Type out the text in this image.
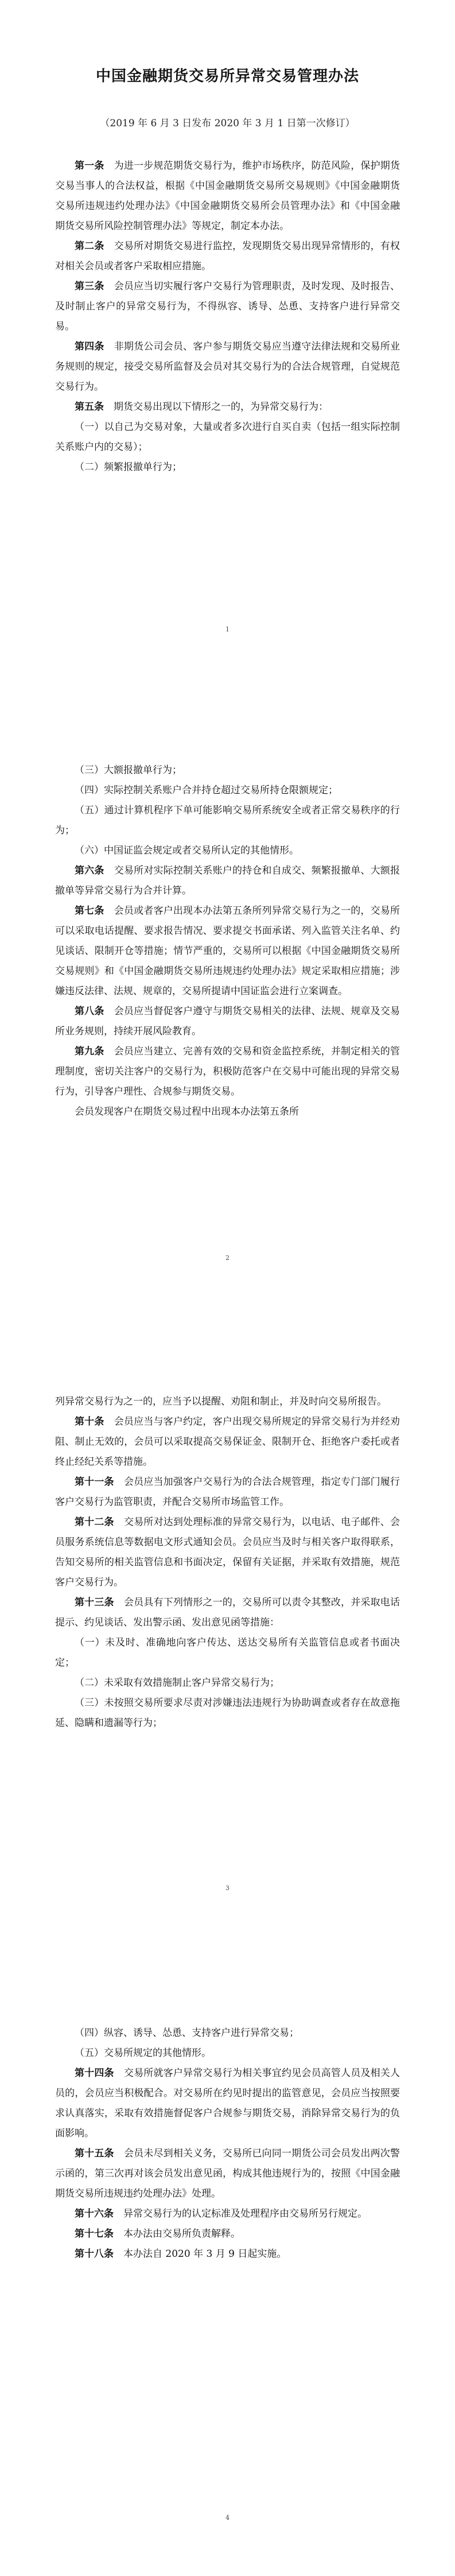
中国金融期货交易所异常交易管理办法
（2019 年 6 月 3 日发布 2020 年 3 月 1 日第一次修订）

第一条　 为进一步规范期货交易行为，维护市场秩序，防范风险，保护期货交易当事人的合法权益，根据《中国金融期货交易所交易规则》《中国金融期货交易所违规违约处理办法》《中国金融期货交易所会员管理办法》和《中国金融期货交易所风险控制管理办法》等规定，制定本办法。

第二条　 交易所对期货交易进行监控，发现期货交易出现异常情形的，有权对相关会员或者客户采取相应措施。

第三条　 会员应当切实履行客户交易行为管理职责，及时发现、及时报告、及时制止客户的异常交易行为，不得纵容、诱导、怂恿、支持客户进行异常交易。

第四条　 非期货公司会员、客户参与期货交易应当遵守法律法规和交易所业务规则的规定，接受交易所监督及会员对其交易行为的合法合规管理，自觉规范交易行为。

第五条　 期货交易出现以下情形之一的，为异常交易行为：

（一）以自己为交易对象，大量或者多次进行自买自卖（包括一组实际控制关系账户内的交易）；

（二）频繁报撤单行为；

1

（三）大额报撤单行为；

（四）实际控制关系账户合并持仓超过交易所持仓限额规定；

（五）通过计算机程序下单可能影响交易所系统安全或者正常交易秩序的行为；

（六）中国证监会规定或者交易所认定的其他情形。

第六条　 交易所对实际控制关系账户的持仓和自成交、频繁报撤单、大额报撤单等异常交易行为合并计算。

第七条　 会员或者客户出现本办法第五条所列异常交易行为之一的，交易所可以采取电话提醒、要求报告情况、要求提交书面承诺、列入监管关注名单、约见谈话、限制开仓等措施；情节严重的，交易所可以根据《中国金融期货交易所交易规则》和《中国金融期货交易所违规违约处理办法》规定采取相应措施；涉嫌违反法律、法规、规章的，交易所提请中国证监会进行立案调查。

第八条　 会员应当督促客户遵守与期货交易相关的法律、法规、规章及交易所业务规则，持续开展风险教育。

第九条　 会员应当建立、完善有效的交易和资金监控系统，并制定相关的管理制度，密切关注客户的交易行为，积极防范客户在交易中可能出现的异常交易行为，引导客户理性、合规参与期货交易。

会员发现客户在期货交易过程中出现本办法第五条所

2

列异常交易行为之一的，应当予以提醒、劝阻和制止，并及时向交易所报告。

第十条　 会员应当与客户约定，客户出现交易所规定的异常交易行为并经劝阻、制止无效的，会员可以采取提高交易保证金、限制开仓、拒绝客户委托或者终止经纪关系等措施。

第十一条　 会员应当加强客户交易行为的合法合规管理，指定专门部门履行客户交易行为监管职责，并配合交易所市场监管工作。

第十二条　 交易所对达到处理标准的异常交易行为，以电话、电子邮件、会员服务系统信息等数据电文形式通知会员。会员应当及时与相关客户取得联系，告知交易所的相关监管信息和书面决定，保留有关证据，并采取有效措施，规范客户交易行为。

第十三条　 会员具有下列情形之一的，交易所可以责令其整改，并采取电话提示、约见谈话、发出警示函、发出意见函等措施：

（一）未及时、准确地向客户传达、送达交易所有关监管信息或者书面决定；

（二）未采取有效措施制止客户异常交易行为；

（三）未按照交易所要求尽责对涉嫌违法违规行为协助调查或者存在故意拖延、隐瞒和遗漏等行为；

3

（四）纵容、诱导、怂恿、支持客户进行异常交易；

（五）交易所规定的其他情形。

第十四条　 交易所就客户异常交易行为相关事宜约见会员高管人员及相关人员的，会员应当积极配合。对交易所在约见时提出的监管意见，会员应当按照要求认真落实，采取有效措施督促客户合规参与期货交易，消除异常交易行为的负面影响。

第十五条　 会员未尽到相关义务，交易所已向同一期货公司会员发出两次警示函的，第三次再对该会员发出意见函，构成其他违规行为的，按照《中国金融期货交易所违规违约处理办法》处理。

第十六条　 异常交易行为的认定标准及处理程序由交易所另行规定。

第十七条　 本办法由交易所负责解释。

第十八条　 本办法自 2020 年 3 月 9 日起实施。

4
